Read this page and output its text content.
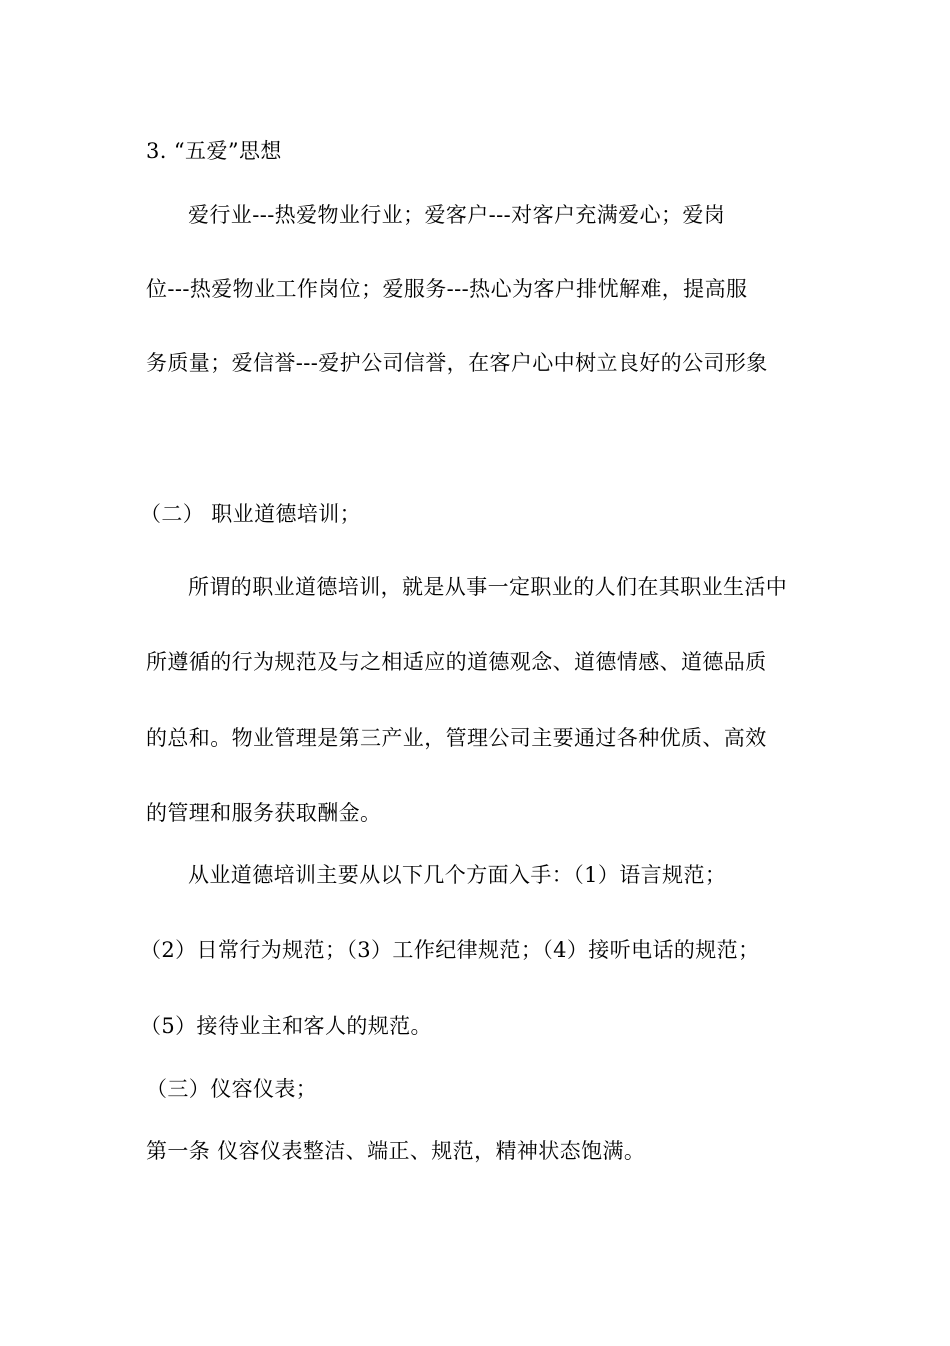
3. “五爱”思想
爱行业---热爱物业行业；爱客户---对客户充满爱心；爱岗
位---热爱物业工作岗位；爱服务---热心为客户排忧解难，提高服
务质量；爱信誉---爱护公司信誉，在客户心中树立良好的公司形象
（二） 职业道德培训；
所谓的职业道德培训，就是从事一定职业的人们在其职业生活中
所遵循的行为规范及与之相适应的道德观念、道德情感、道德品质
的总和。物业管理是第三产业，管理公司主要通过各种优质、高效
的管理和服务获取酬金。
从业道德培训主要从以下几个方面入手：（1）语言规范；
（2）日常行为规范；（3）工作纪律规范；（4）接听电话的规范；
（5）接待业主和客人的规范。
（三）仪容仪表；
第一条 仪容仪表整洁、端正、规范，精神状态饱满。
